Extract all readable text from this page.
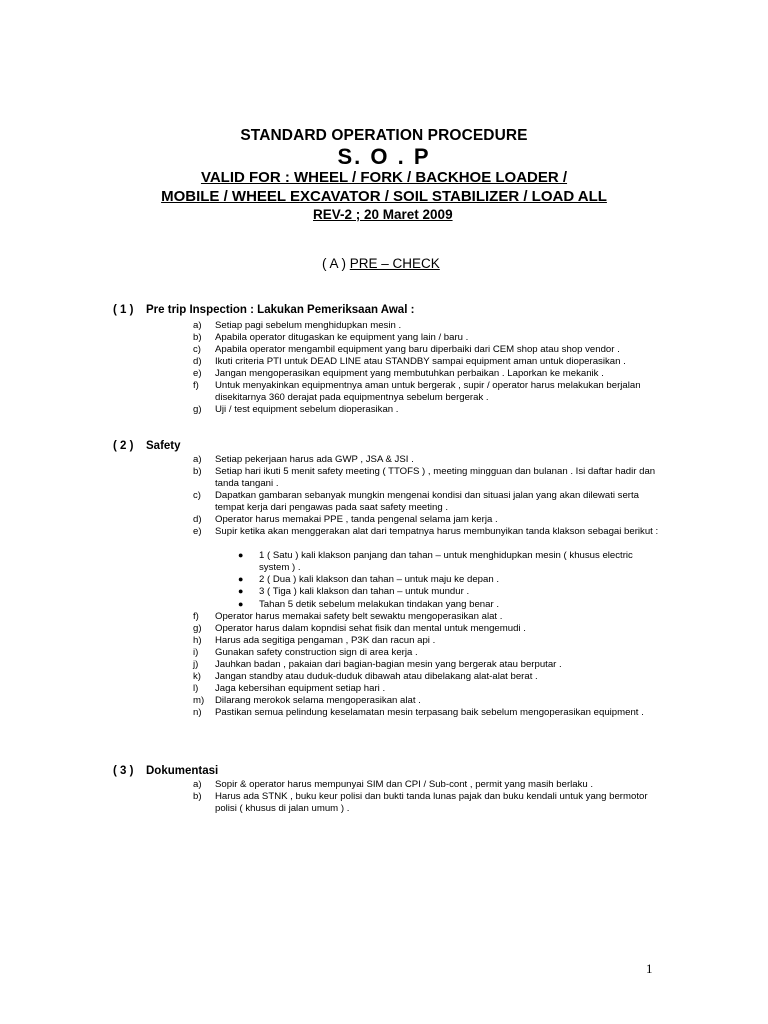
STANDARD OPERATION PROCEDURE
S. O . P
VALID FOR : WHEEL / FORK / BACKHOE LOADER /
MOBILE / WHEEL EXCAVATOR / SOIL STABILIZER / LOAD ALL
REV-2 ; 20 Maret 2009
( A ) PRE – CHECK
( 1 ) Pre trip Inspection : Lakukan Pemeriksaan Awal :
a) Setiap pagi sebelum menghidupkan mesin .
b) Apabila operator ditugaskan ke equipment yang lain / baru .
c) Apabila operator mengambil equipment yang baru diperbaiki dari CEM shop atau shop vendor .
d) Ikuti criteria PTI untuk DEAD LINE atau STANDBY sampai equipment aman untuk dioperasikan .
e) Jangan mengoperasikan equipment yang membutuhkan perbaikan . Laporkan ke mekanik .
f) Untuk menyakinkan equipmentnya aman untuk bergerak , supir / operator harus melakukan berjalan disekitarnya 360 derajat pada equipmentnya sebelum bergerak .
g) Uji / test equipment sebelum dioperasikan .
( 2 ) Safety
a) Setiap pekerjaan harus ada GWP , JSA & JSI .
b) Setiap hari ikuti 5 menit safety meeting ( TTOFS ) , meeting mingguan dan bulanan . Isi daftar hadir dan tanda tangani .
c) Dapatkan gambaran sebanyak mungkin mengenai kondisi dan situasi jalan yang akan dilewati serta tempat kerja dari pengawas pada saat safety meeting .
d) Operator harus memakai PPE , tanda pengenal selama jam kerja .
e) Supir ketika akan menggerakan alat dari tempatnya harus membunyikan tanda klakson sebagai berikut :
● 1 ( Satu ) kali klakson panjang dan tahan – untuk menghidupkan mesin ( khusus electric system ) .
● 2 ( Dua ) kali klakson dan tahan – untuk maju ke depan .
● 3 ( Tiga ) kali klakson dan tahan – untuk mundur .
● Tahan 5 detik sebelum melakukan tindakan yang benar .
f) Operator harus memakai safety belt sewaktu mengoperasikan alat .
g) Operator harus dalam kopndisi sehat fisik dan mental untuk mengemudi .
h) Harus ada segitiga pengaman , P3K dan racun api .
i) Gunakan safety construction sign di area kerja .
j) Jauhkan badan , pakaian dari bagian-bagian mesin yang bergerak atau berputar .
k) Jangan standby atau duduk-duduk dibawah atau dibelakang alat-alat berat .
l) Jaga kebersihan equipment setiap hari .
m) Dilarang merokok selama mengoperasikan alat .
n) Pastikan semua pelindung keselamatan mesin terpasang baik sebelum mengoperasikan equipment .
( 3 ) Dokumentasi
a) Sopir & operator harus mempunyai SIM dan CPI / Sub-cont , permit yang masih berlaku .
b) Harus ada STNK , buku keur polisi dan bukti tanda lunas pajak dan buku kendali untuk yang bermotor polisi ( khusus di jalan umum ) .
1
